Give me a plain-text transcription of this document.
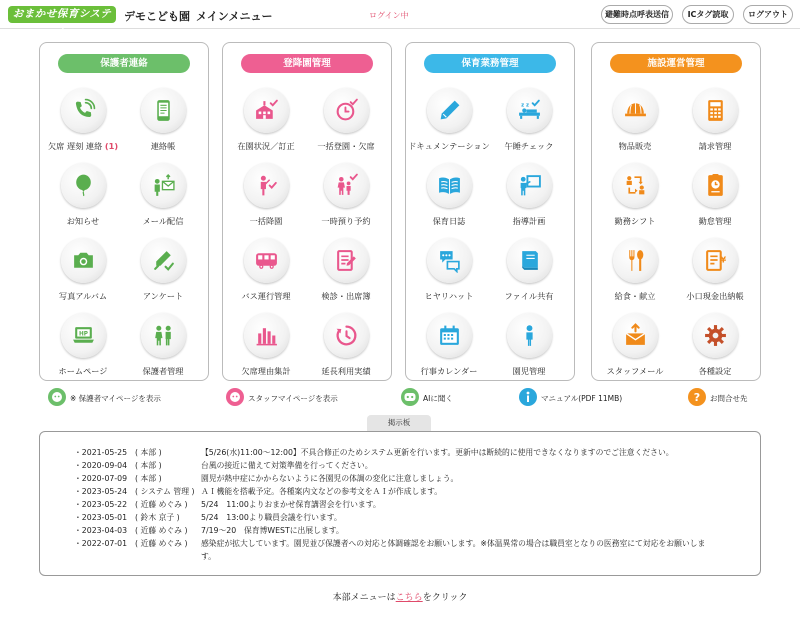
おまかせ保育システム
デモこども園 メインメニュー	ログイン中	避難時点呼表送信	ICタグ読取	ログアウト
保護者連絡
欠席 遅刻 連絡 (1)	連絡帳
お知らせ	メール配信
写真アルバム	アンケート
HP
ホームページ	保護者管理
登降園管理
在園状況／訂正	一括登園・欠席
一括降園	一時預り予約
バス運行管理	検診・出席簿
欠席理由集計	延長利用実績
保育業務管理
ドキュメンテーション
z z
午睡チェック
保育日誌	指導計画
ヒヤリハット	ファイル共有
行事カレンダー	園児管理
施設運営管理
物品販売	請求管理
勤務シフト	勤怠管理
給食・献立
¥
小口現金出納帳
スタッフメール	各種設定
※ 保護者マイページを表示	スタッフマイページを表示	AIに聞く	マニュアル(PDF 11MB)	? お問合せ先
掲示板
・2021-05-25 ( 本部 )	【5/26(水)11:00～12:00】不具合修正のためシステム更新を行います。更新中は断続的に使用できなくなりますのでご注意ください。
・2020-09-04 ( 本部 )	台風の接近に備えて対策準備を行ってください。
・2020-07-09 ( 本部 )	園児が熱中症にかからないように各園児の体調の変化に注意しましょう。
・2023-05-24 ( システム 管理 ) ＡＩ機能を搭載予定。各種案内文などの参考文をＡＩが作成します。
・2023-05-22 ( 近藤 めぐみ ) 5/24　11:00よりおまかせ保育講習会を行います。
・2023-05-01 ( 鈴木 京子 )	5/24　13:00より職員会議を行います。
・2023-04-03 ( 近藤 めぐみ ) 7/19～20　保育博WESTに出展します。
・2022-07-01 ( 近藤 めぐみ ) 感染症が拡大しています。園児並び保護者への対応と体調確認をお願いします。※体温異常の場合は職員室となりの医務室にて対応をお願いしま
す。
本部メニューはこちらをクリック
